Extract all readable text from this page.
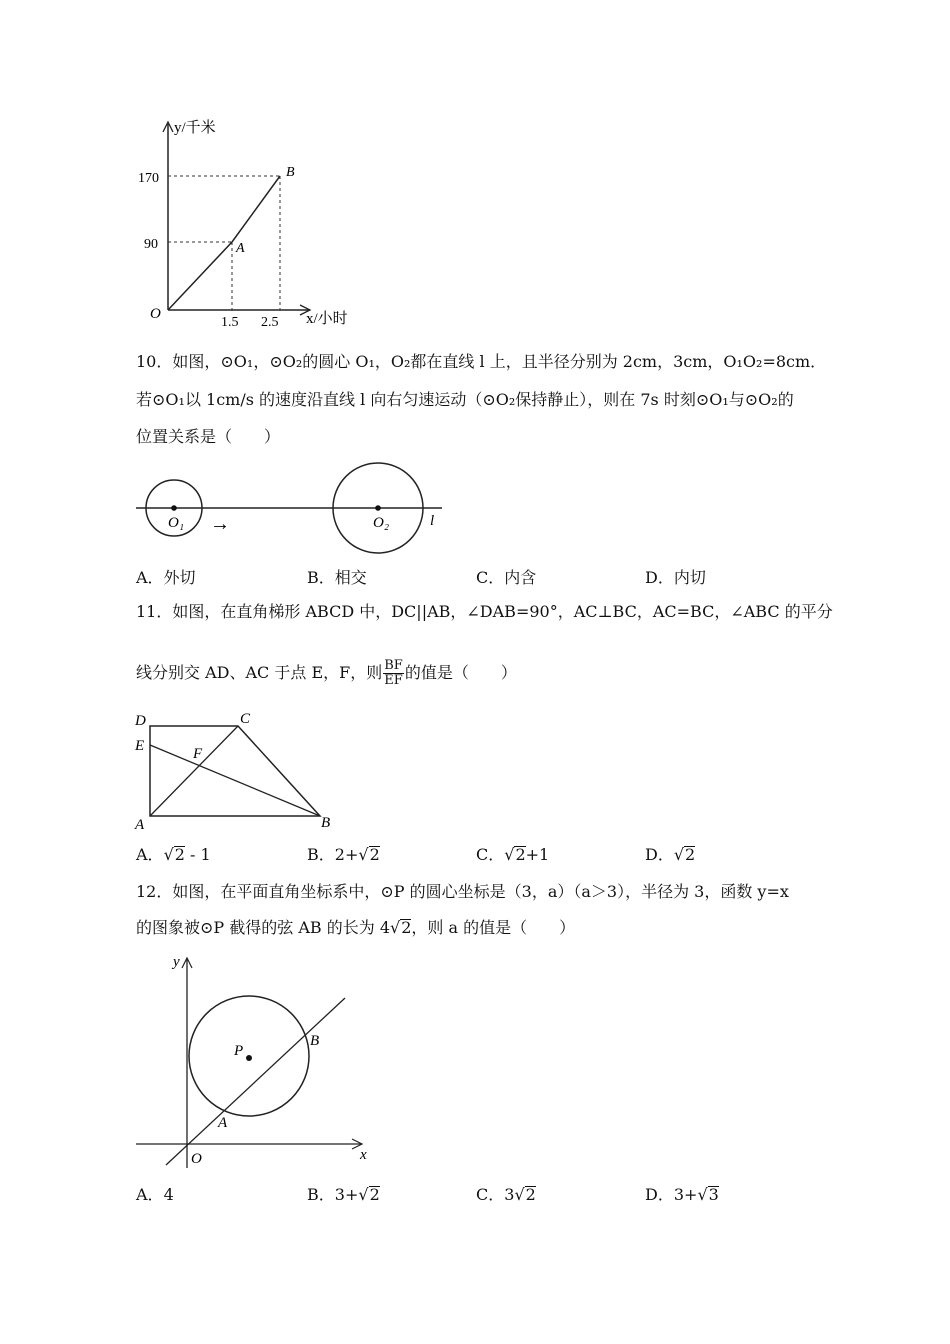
y/千米
x/小时
O
170
90
1.5 2.5
A
B
10．如图，⊙O₁，⊙O₂的圆心 O₁，O₂都在直线 l 上，且半径分别为 2cm，3cm，O₁O₂=8cm．
若⊙O₁以 1cm/s 的速度沿直线 l 向右匀速运动（⊙O₂保持静止），则在 7s 时刻⊙O₁与⊙O₂的
位置关系是（　　）
O₁	O₂	l
→
A．外切	B．相交	C．内含	D．内切
11．如图，在直角梯形 ABCD 中，DC||AB，∠DAB=90°，AC⊥BC，AC=BC，∠ABC 的平分
线分别交 AD、AC 于点 E，F，则 $\frac{BF}{EF}$ 的值是（　　）
D	C
E	F
A	B
A．√2 - 1	B．2+√2	C．√2+1	D．√2
12．如图，在平面直角坐标系中，⊙P 的圆心坐标是（3，a）（a＞3），半径为 3，函数 y=x
的图象被⊙P 截得的弦 AB 的长为 4√2，则 a 的值是（　　）
y
x
O
P
A
B
A．4	B．3+√2	C．3√2	D．3+√3
